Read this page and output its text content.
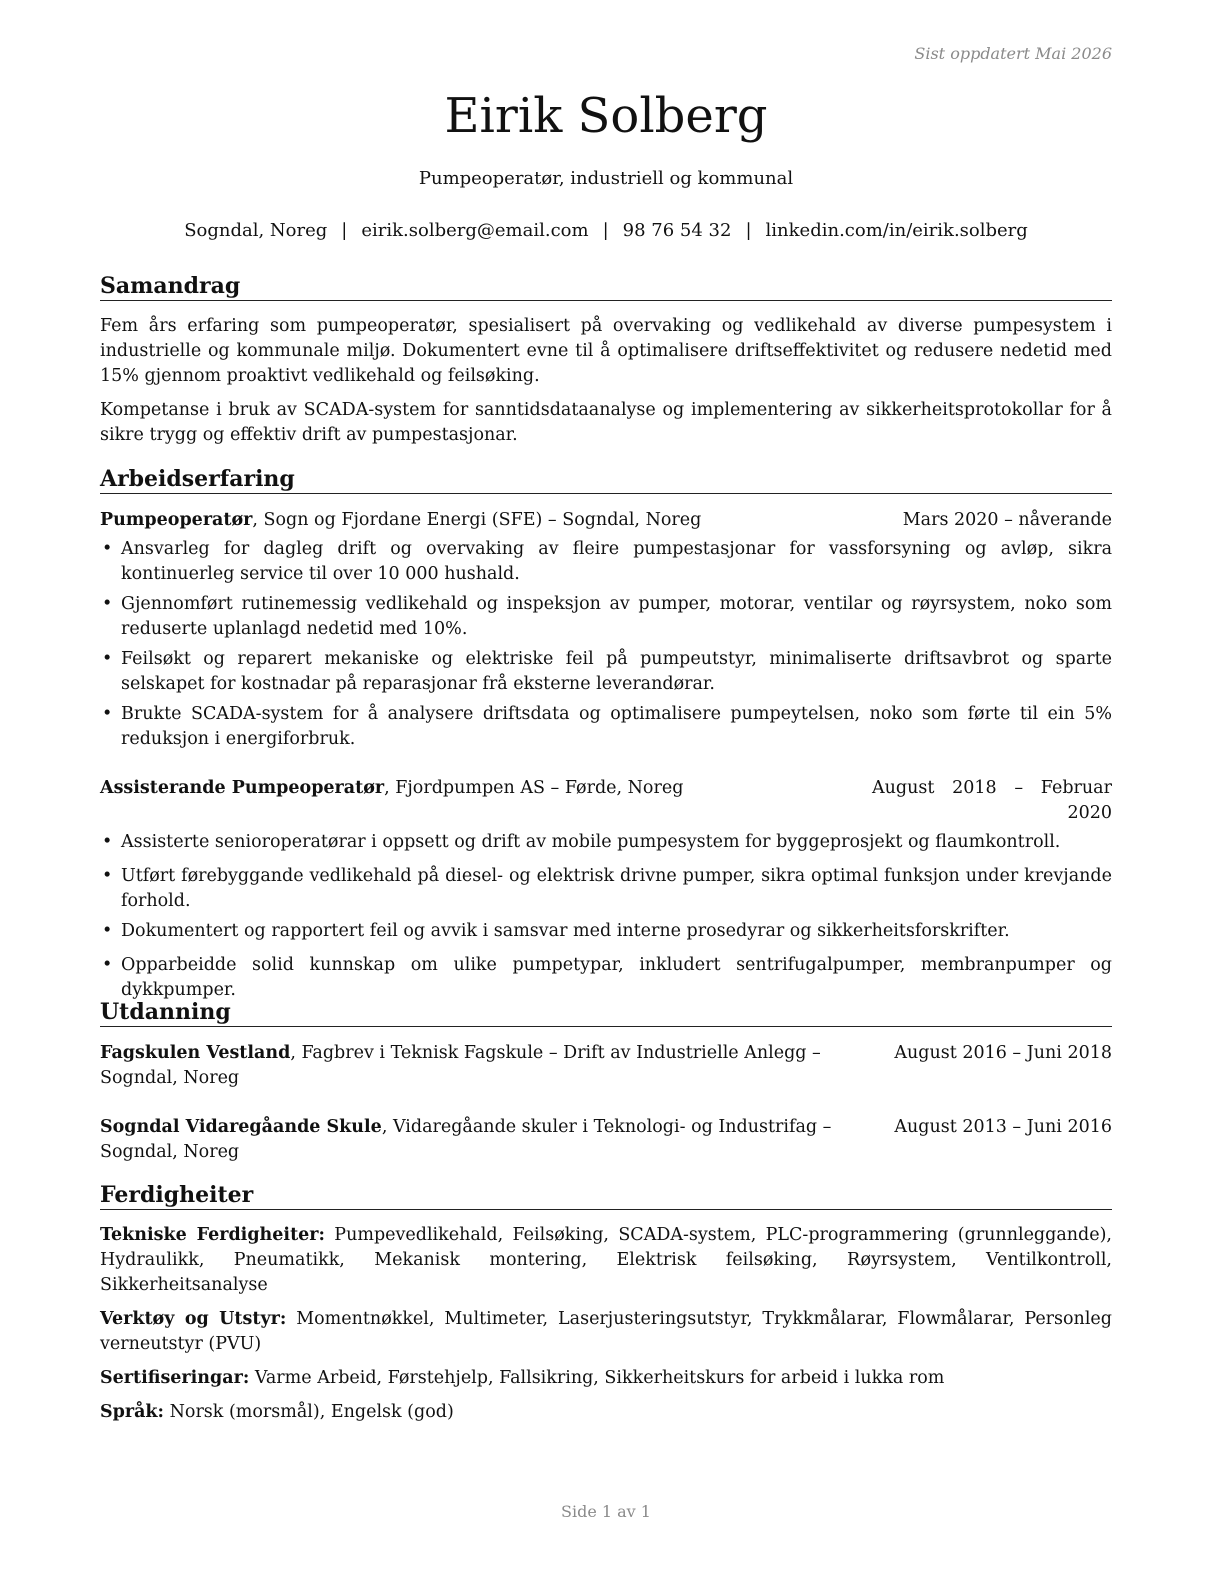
Sist oppdatert Mai 2026
Eirik Solberg
Pumpeoperatør, industriell og kommunal
Sogndal, Noreg | eirik.solberg@email.com | 98 76 54 32 | linkedin.com/in/eirik.solberg
Samandrag

Fem års erfaring som pumpeoperatør, spesialisert på overvaking og vedlikehald av diverse pumpesystem i industrielle og kommunale miljø. Dokumentert evne til å optimalisere driftseffektivitet og redusere nedetid med 15% gjennom proaktivt vedlikehald og feilsøking.

Kompetanse i bruk av SCADA-system for sanntidsdataanalyse og implementering av sikkerheitsprotokollar for å sikre trygg og effektiv drift av pumpestasjonar.

Arbeidserfaring
Pumpeoperatør, Sogn og Fjordane Energi (SFE) – Sogndal, Noreg	Mars 2020 – nåverande
• Ansvarleg for dagleg drift og overvaking av fleire pumpestasjonar for vassforsyning og avløp, sikra kontinuerleg service til over 10 000 hushald.
• Gjennomført rutinemessig vedlikehald og inspeksjon av pumper, motorar, ventilar og røyrsystem, noko som reduserte uplanlagd nedetid med 10%.
• Feilsøkt og reparert mekaniske og elektriske feil på pumpeutstyr, minimaliserte driftsavbrot og sparte selskapet for kostnadar på reparasjonar frå eksterne leverandørar.
• Brukte SCADA-system for å analysere driftsdata og optimalisere pumpeytelsen, noko som førte til ein 5% reduksjon i energiforbruk.
Assisterande Pumpeoperatør, Fjordpumpen AS – Førde, Noreg	August 2018 – Februar 2020
• Assisterte senioroperatørar i oppsett og drift av mobile pumpesystem for byggeprosjekt og flaumkontroll.
• Utført førebyggande vedlikehald på diesel- og elektrisk drivne pumper, sikra optimal funksjon under krevjande forhold.
• Dokumentert og rapportert feil og avvik i samsvar med interne prosedyrar og sikkerheitsforskrifter.
• Opparbeidde solid kunnskap om ulike pumpetypar, inkludert sentrifugalpumper, membranpumper og dykkpumper.
Utdanning
Fagskulen Vestland, Fagbrev i Teknisk Fagskule – Drift av Industrielle Anlegg – Sogndal, Noreg
August 2016 – Juni 2018
Sogndal Vidaregåande Skule, Vidaregåande skuler i Teknologi- og Industrifag – Sogndal, Noreg
August 2013 – Juni 2016
Ferdigheiter

Tekniske Ferdigheiter: Pumpevedlikehald, Feilsøking, SCADA-system, PLC-programmering (grunnleggande), Hydraulikk, Pneumatikk, Mekanisk montering, Elektrisk feilsøking, Røyrsystem, Ventilkontroll, Sikkerheitsanalyse

Verktøy og Utstyr: Momentnøkkel, Multimeter, Laserjusteringsutstyr, Trykkmålarar, Flowmålarar, Personleg verneutstyr (PVU)

Sertifiseringar: Varme Arbeid, Førstehjelp, Fallsikring, Sikkerheitskurs for arbeid i lukka rom

Språk: Norsk (morsmål), Engelsk (god)

Side 1 av 1
